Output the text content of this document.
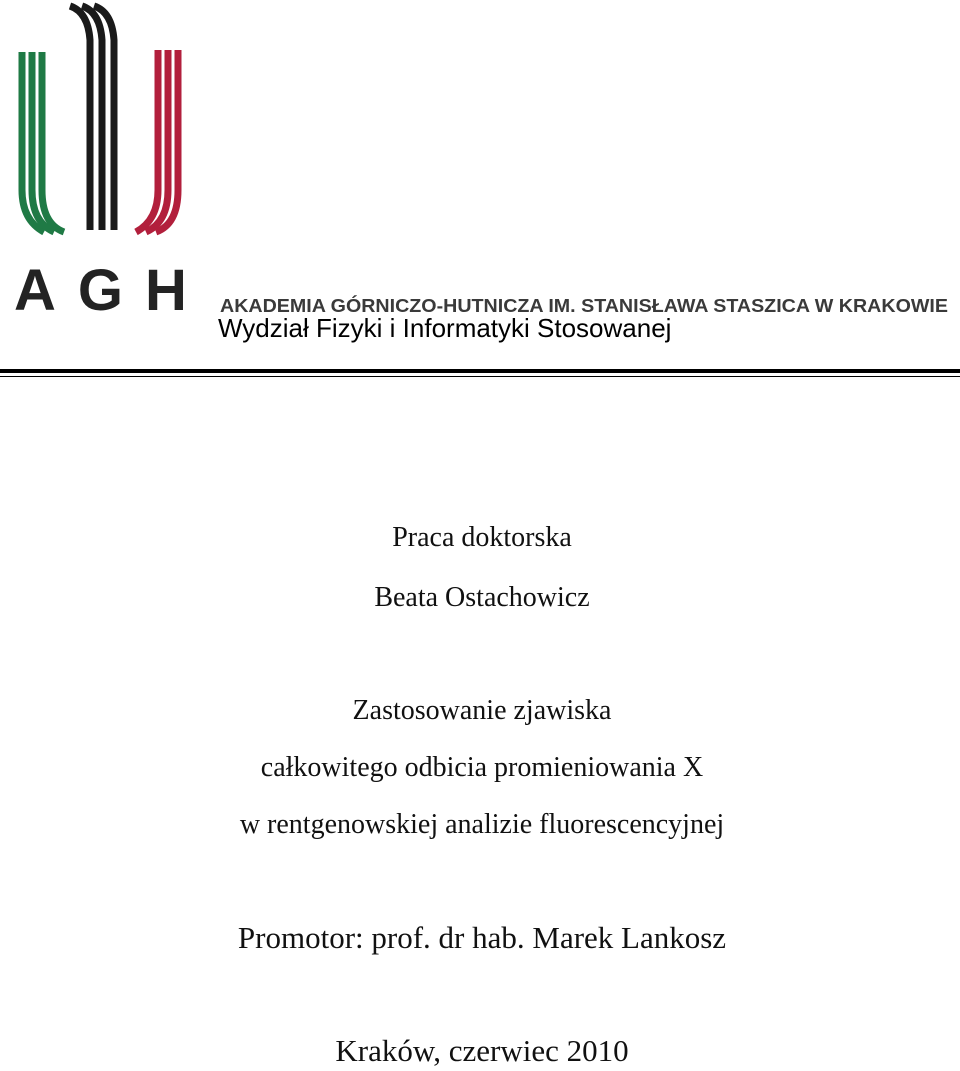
AGH AKADEMIA GÓRNICZO-HUTNICZA IM. STANISŁAWA STASZICA W KRAKOWIE
Wydział Fizyki i Informatyki Stosowanej
Praca doktorska
Beata Ostachowicz
Zastosowanie zjawiska
całkowitego odbicia promieniowania X
w rentgenowskiej analizie fluorescencyjnej
Promotor: prof. dr hab. Marek Lankosz
Kraków, czerwiec 2010
